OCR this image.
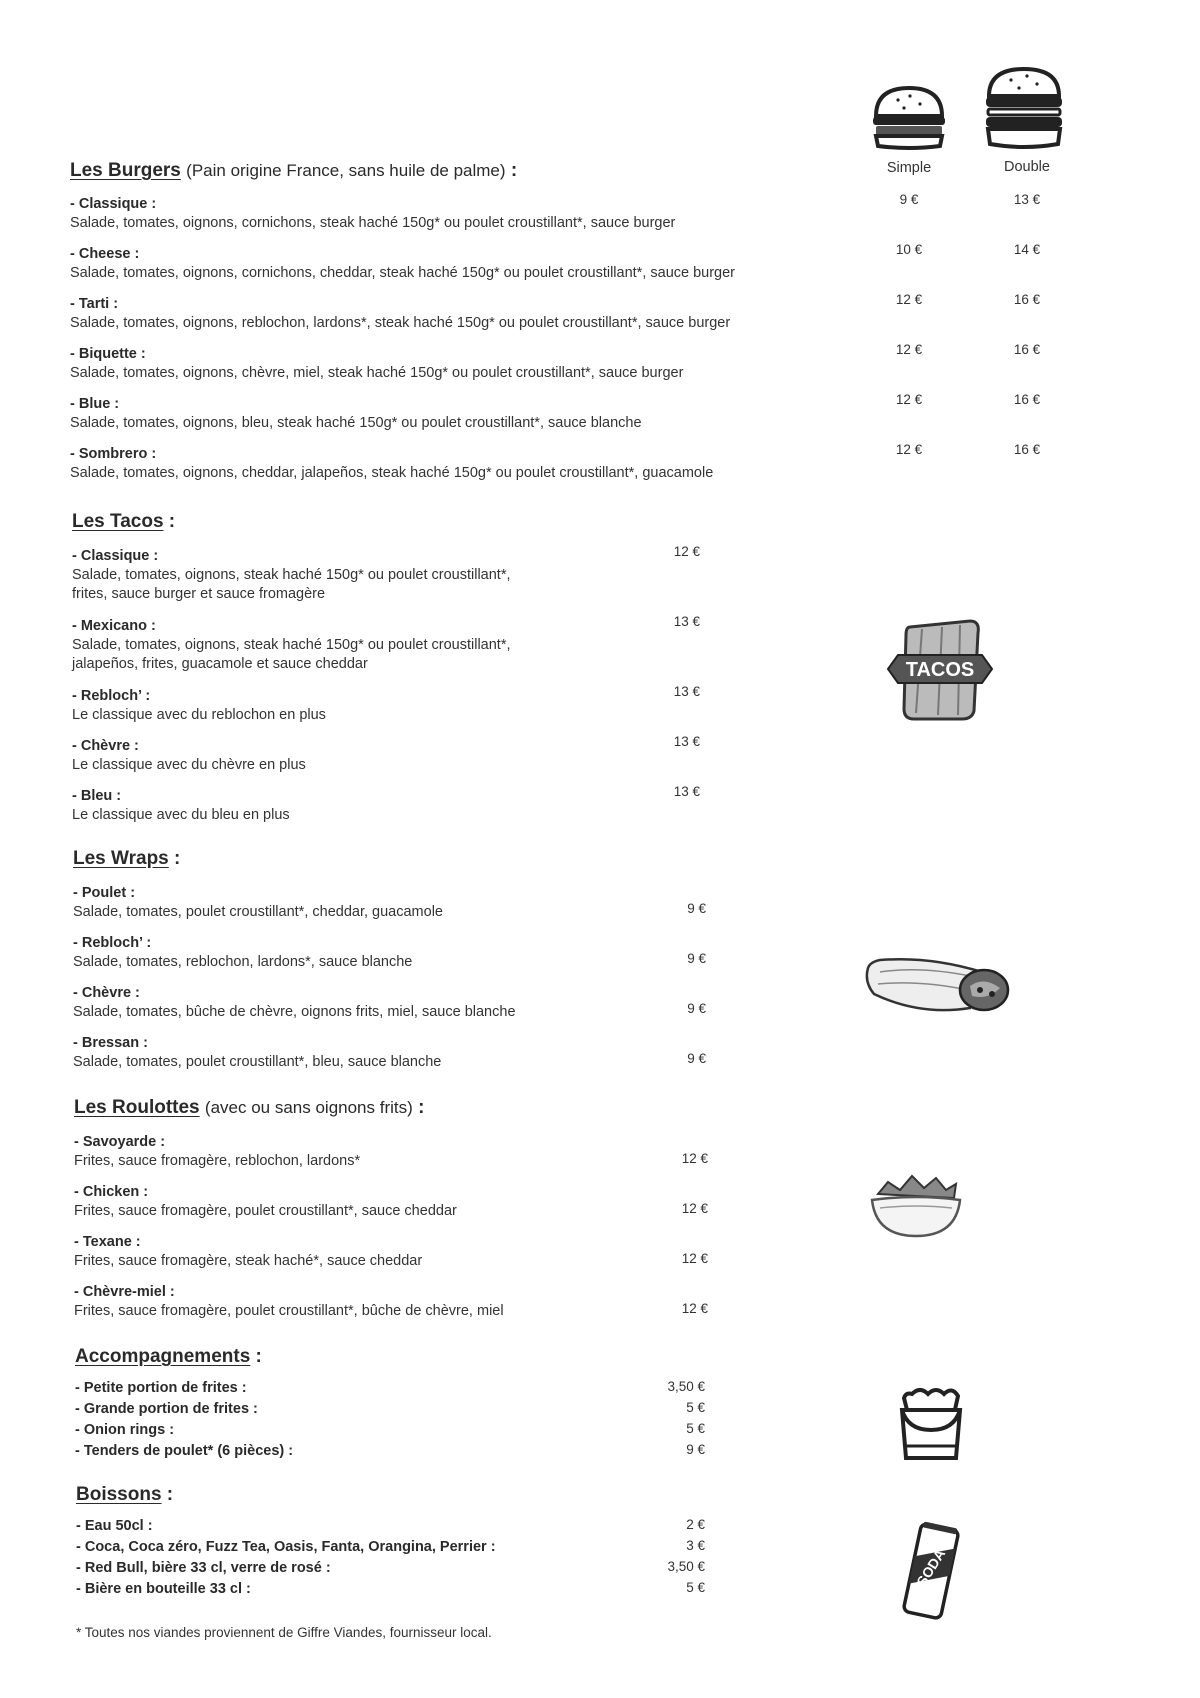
TACOS
SODA
Simple	Double
Les Burgers (Pain origine France, sans huile de palme) :
- Classique :
Salade, tomates, oignons, cornichons, steak haché 150g* ou poulet croustillant*, sauce burger
9 €	13 €
- Cheese :
Salade, tomates, oignons, cornichons, cheddar, steak haché 150g* ou poulet croustillant*, sauce burger
10 €	14 €
- Tarti :
Salade, tomates, oignons, reblochon, lardons*, steak haché 150g* ou poulet croustillant*, sauce burger
12 €	16 €
- Biquette :
Salade, tomates, oignons, chèvre, miel, steak haché 150g* ou poulet croustillant*, sauce burger
12 €	16 €
- Blue :
Salade, tomates, oignons, bleu, steak haché 150g* ou poulet croustillant*, sauce blanche
12 €	16 €
- Sombrero :
Salade, tomates, oignons, cheddar, jalapeños, steak haché 150g* ou poulet croustillant*, guacamole
12 €	16 €
Les Tacos :
- Classique :
Salade, tomates, oignons, steak haché 150g* ou poulet croustillant*,
frites, sauce burger et sauce fromagère
12 €
- Mexicano :
Salade, tomates, oignons, steak haché 150g* ou poulet croustillant*,
jalapeños, frites, guacamole et sauce cheddar
13 €
- Rebloch’ :
Le classique avec du reblochon en plus
13 €
- Chèvre :
Le classique avec du chèvre en plus
13 €
- Bleu :
Le classique avec du bleu en plus
13 €
Les Wraps :
- Poulet :
Salade, tomates, poulet croustillant*, cheddar, guacamole	9 €
- Rebloch’ :
Salade, tomates, reblochon, lardons*, sauce blanche	9 €
- Chèvre :
Salade, tomates, bûche de chèvre, oignons frits, miel, sauce blanche	9 €
- Bressan :
Salade, tomates, poulet croustillant*, bleu, sauce blanche	9 €
Les Roulottes (avec ou sans oignons frits) :
- Savoyarde :
Frites, sauce fromagère, reblochon, lardons*	12 €
- Chicken :
Frites, sauce fromagère, poulet croustillant*, sauce cheddar	12 €
- Texane :
Frites, sauce fromagère, steak haché*, sauce cheddar	12 €
- Chèvre-miel :
Frites, sauce fromagère, poulet croustillant*, bûche de chèvre, miel	12 €
Accompagnements :
- Petite portion de frites :	3,50 €
- Grande portion de frites :	5 €
- Onion rings :	5 €
- Tenders de poulet* (6 pièces) :	9 €
Boissons :
- Eau 50cl :	2 €
- Coca, Coca zéro, Fuzz Tea, Oasis, Fanta, Orangina, Perrier :	3 €
- Red Bull, bière 33 cl, verre de rosé :	3,50 €
- Bière en bouteille 33 cl :	5 €
* Toutes nos viandes proviennent de Giffre Viandes, fournisseur local.
